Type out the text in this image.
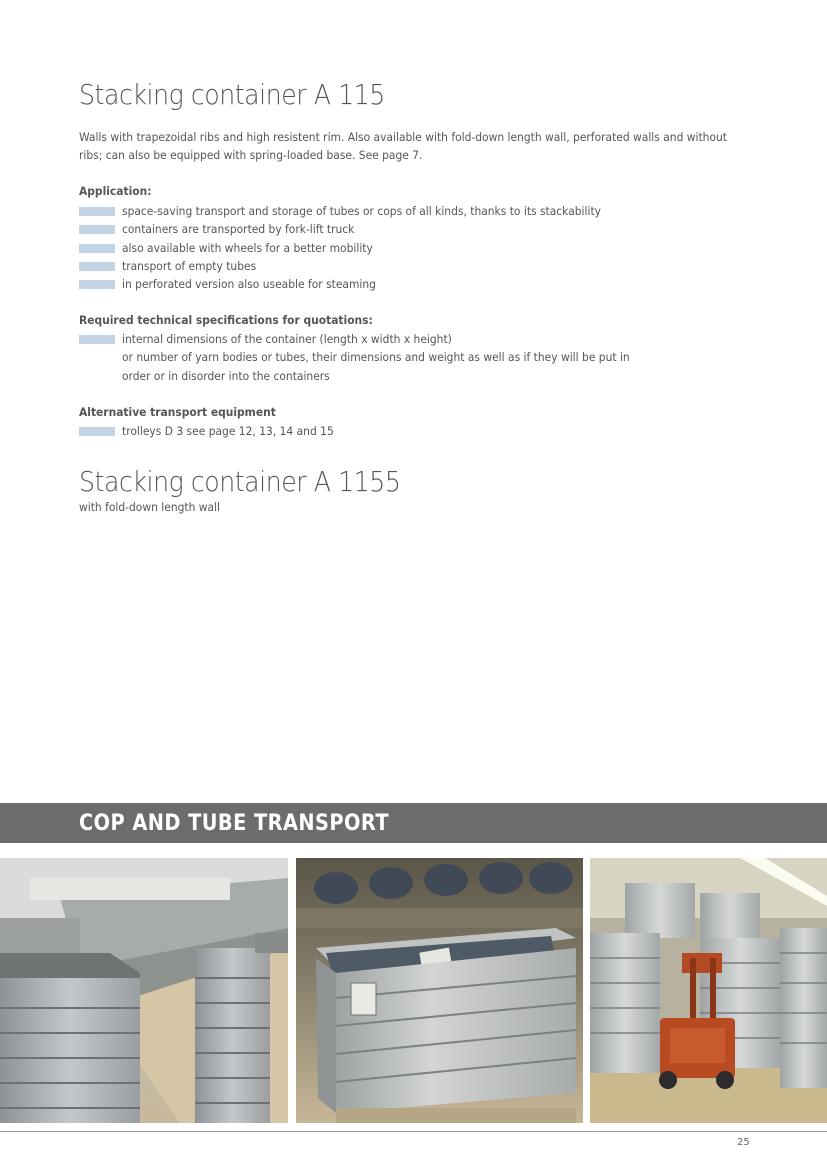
Stacking container A 115
Walls with trapezoidal ribs and high resistent rim. Also available with fold-down length wall, perforated walls and without ribs; can also be equipped with spring-loaded base. See page 7.
Application:
space-saving transport and storage of tubes or cops of all kinds, thanks to its stackability
containers are transported by fork-lift truck
also available with wheels for a better mobility
transport of empty tubes
in perforated version also useable for steaming
Required technical specifications for quotations:
internal dimensions of the container (length x width x height)
or number of yarn bodies or tubes, their dimensions and weight as well as if they will be put in
order or in disorder into the containers
Alternative transport equipment
trolleys D 3 see page 12, 13, 14 and 15
Stacking container A 1155
with fold-down length wall
COP AND TUBE TRANSPORT
25
